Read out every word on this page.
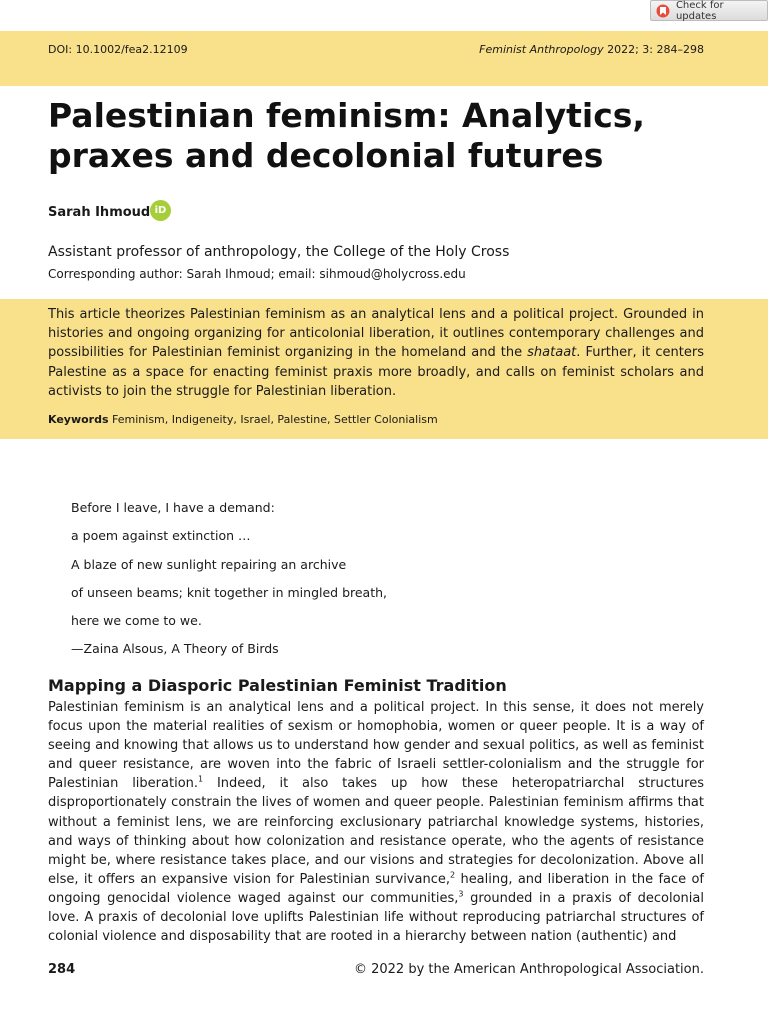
Check for updates
DOI: 10.1002/fea2.12109	Feminist Anthropology 2022; 3: 284–298
Palestinian feminism: Analytics, praxes and decolonial futures
Sarah Ihmoud iD
Assistant professor of anthropology, the College of the Holy Cross
Corresponding author: Sarah Ihmoud; email: sihmoud@holycross.edu

This article theorizes Palestinian feminism as an analytical lens and a political project. Grounded in histories and ongoing organizing for anticolonial liberation, it outlines contemporary challenges and possibilities for Palestinian feminist organizing in the homeland and the shataat. Further, it centers Palestine as a space for enacting feminist praxis more broadly, and calls on feminist scholars and activists to join the struggle for Palestinian liberation.

Keywords Feminism, Indigeneity, Israel, Palestine, Settler Colonialism
Before I leave, I have a demand:
a poem against extinction …
A blaze of new sunlight repairing an archive
of unseen beams; knit together in mingled breath,
here we come to we.
—Zaina Alsous, A Theory of Birds
Mapping a Diasporic Palestinian Feminist Tradition

Palestinian feminism is an analytical lens and a political project. In this sense, it does not merely focus upon the material realities of sexism or homophobia, women or queer people. It is a way of seeing and knowing that allows us to understand how gender and sexual politics, as well as feminist and queer resistance, are woven into the fabric of Israeli settler-colonialism and the struggle for Palestinian liberation.$^1$ Indeed, it also takes up how these heteropatriarchal structures disproportionately constrain the lives of women and queer people. Palestinian feminism affirms that without a feminist lens, we are reinforcing exclusionary patriarchal knowledge systems, histories, and ways of thinking about how colonization and resistance operate, who the agents of resistance might be, where resistance takes place, and our visions and strategies for decolonization. Above all else, it offers an expansive vision for Palestinian survivance,$^2$ healing, and liberation in the face of ongoing genocidal violence waged against our communities,$^3$ grounded in a praxis of decolonial love. A praxis of decolonial love uplifts Palestinian life without reproducing patriarchal structures of colonial violence and disposability that are rooted in a hierarchy between nation (authentic) and

284	© 2022 by the American Anthropological Association.
